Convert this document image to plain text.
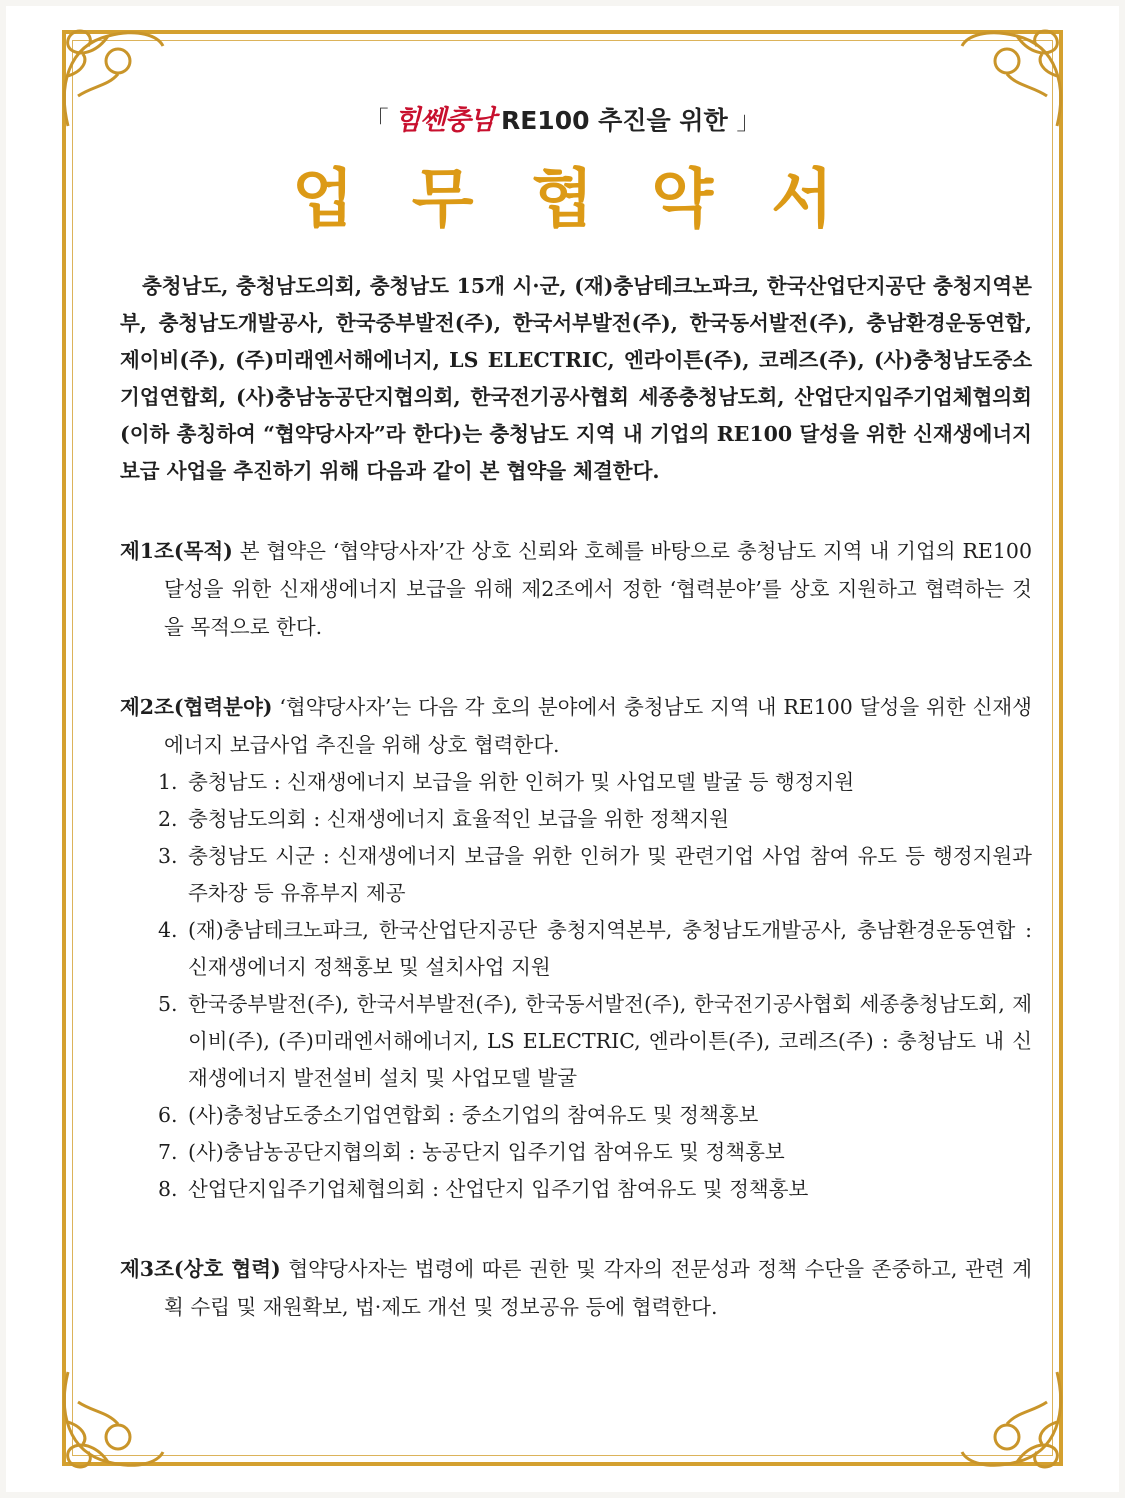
「 힘쎈충남 RE100 추진을 위한 」
업무협약서

충청남도, 충청남도의회, 충청남도 15개 시·군, (재)충남테크노파크, 한국산업단지공단 충청지역본부, 충청남도개발공사, 한국중부발전(주), 한국서부발전(주), 한국동서발전(주), 충남환경운동연합, 제이비(주), (주)미래엔서해에너지, LS ELECTRIC, 엔라이튼(주), 코레즈(주), (사)충청남도중소기업연합회, (사)충남농공단지협의회, 한국전기공사협회 세종충청남도회, 산업단지입주기업체협의회(이하 총칭하여 “협약당사자”라 한다)는 충청남도 지역 내 기업의 RE100 달성을 위한 신재생에너지 보급 사업을 추진하기 위해 다음과 같이 본 협약을 체결한다.

제1조(목적) 본 협약은 ‘협약당사자’간 상호 신뢰와 호혜를 바탕으로 충청남도 지역 내 기업의 RE100 달성을 위한 신재생에너지 보급을 위해 제2조에서 정한 ‘협력분야’를 상호 지원하고 협력하는 것을 목적으로 한다.

제2조(협력분야) ‘협약당사자’는 다음 각 호의 분야에서 충청남도 지역 내 RE100 달성을 위한 신재생에너지 보급사업 추진을 위해 상호 협력한다.

1. 충청남도 : 신재생에너지 보급을 위한 인허가 및 사업모델 발굴 등 행정지원
2. 충청남도의회 : 신재생에너지 효율적인 보급을 위한 정책지원
3. 충청남도 시군 : 신재생에너지 보급을 위한 인허가 및 관련기업 사업 참여 유도 등 행정지원과 주차장 등 유휴부지 제공
4. (재)충남테크노파크, 한국산업단지공단 충청지역본부, 충청남도개발공사, 충남환경운동연합 : 신재생에너지 정책홍보 및 설치사업 지원
5. 한국중부발전(주), 한국서부발전(주), 한국동서발전(주), 한국전기공사협회 세종충청남도회, 제이비(주), (주)미래엔서해에너지, LS ELECTRIC, 엔라이튼(주), 코레즈(주) : 충청남도 내 신재생에너지 발전설비 설치 및 사업모델 발굴
6. (사)충청남도중소기업연합회 : 중소기업의 참여유도 및 정책홍보
7. (사)충남농공단지협의회 : 농공단지 입주기업 참여유도 및 정책홍보
8. 산업단지입주기업체협의회 : 산업단지 입주기업 참여유도 및 정책홍보

제3조(상호 협력) 협약당사자는 법령에 따른 권한 및 각자의 전문성과 정책 수단을 존중하고, 관련 계획 수립 및 재원확보, 법·제도 개선 및 정보공유 등에 협력한다.
